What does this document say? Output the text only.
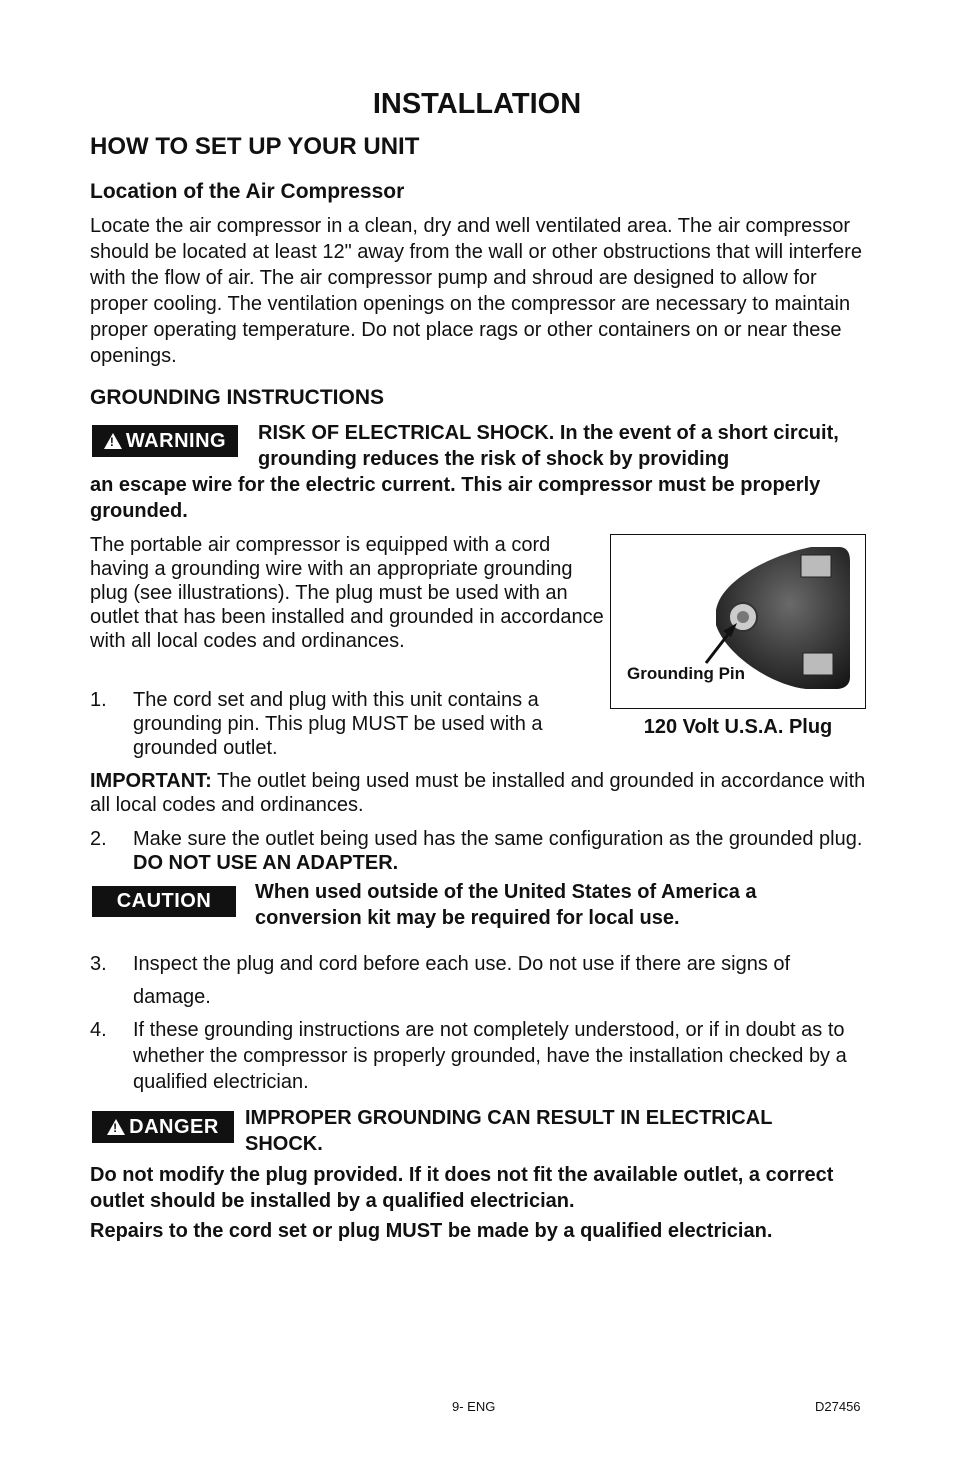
INSTALLATION
HOW TO SET UP YOUR UNIT
Location of the Air Compressor
Locate the air compressor in a clean, dry and well ventilated area. The air compressor should be located at least 12" away from the wall or other obstructions that will interfere with the flow of air. The air compressor pump and shroud are designed to allow for proper cooling. The ventilation openings on the compressor are necessary to maintain proper operating temperature. Do not place rags or other containers on or near these openings.
GROUNDING INSTRUCTIONS
!
WARNING RISK OF ELECTRICAL SHOCK. In the event of a short circuit, grounding reduces the risk of shock by providing
an escape wire for the electric current. This air compressor must be properly grounded.
The portable air compressor is equipped with a cord having a grounding wire with an appropriate grounding plug (see illustrations). The plug must be used with an outlet that has been installed and grounded in accordance with all local codes and ordinances.
1. The cord set and plug with this unit contains a grounding pin. This plug MUST be used with a grounded outlet.
Grounding Pin
120 Volt U.S.A. Plug
IMPORTANT: The outlet being used must be installed and grounded in accordance with all local codes and ordinances.
2. Make sure the outlet being used has the same configuration as the grounded plug. DO NOT USE AN ADAPTER.
CAUTION When used outside of the United States of America a conversion kit may be required for local use.
3. Inspect the plug and cord before each use. Do not use if there are signs of damage.
4. If these grounding instructions are not completely understood, or if in doubt as to whether the compressor is properly grounded, have the installation checked by a qualified electrician.
!
DANGER IMPROPER GROUNDING CAN RESULT IN ELECTRICAL SHOCK.
Do not modify the plug provided. If it does not fit the available outlet, a correct outlet should be installed by a qualified electrician.
Repairs to the cord set or plug MUST be made by a qualified electrician.
9- ENG	D27456
